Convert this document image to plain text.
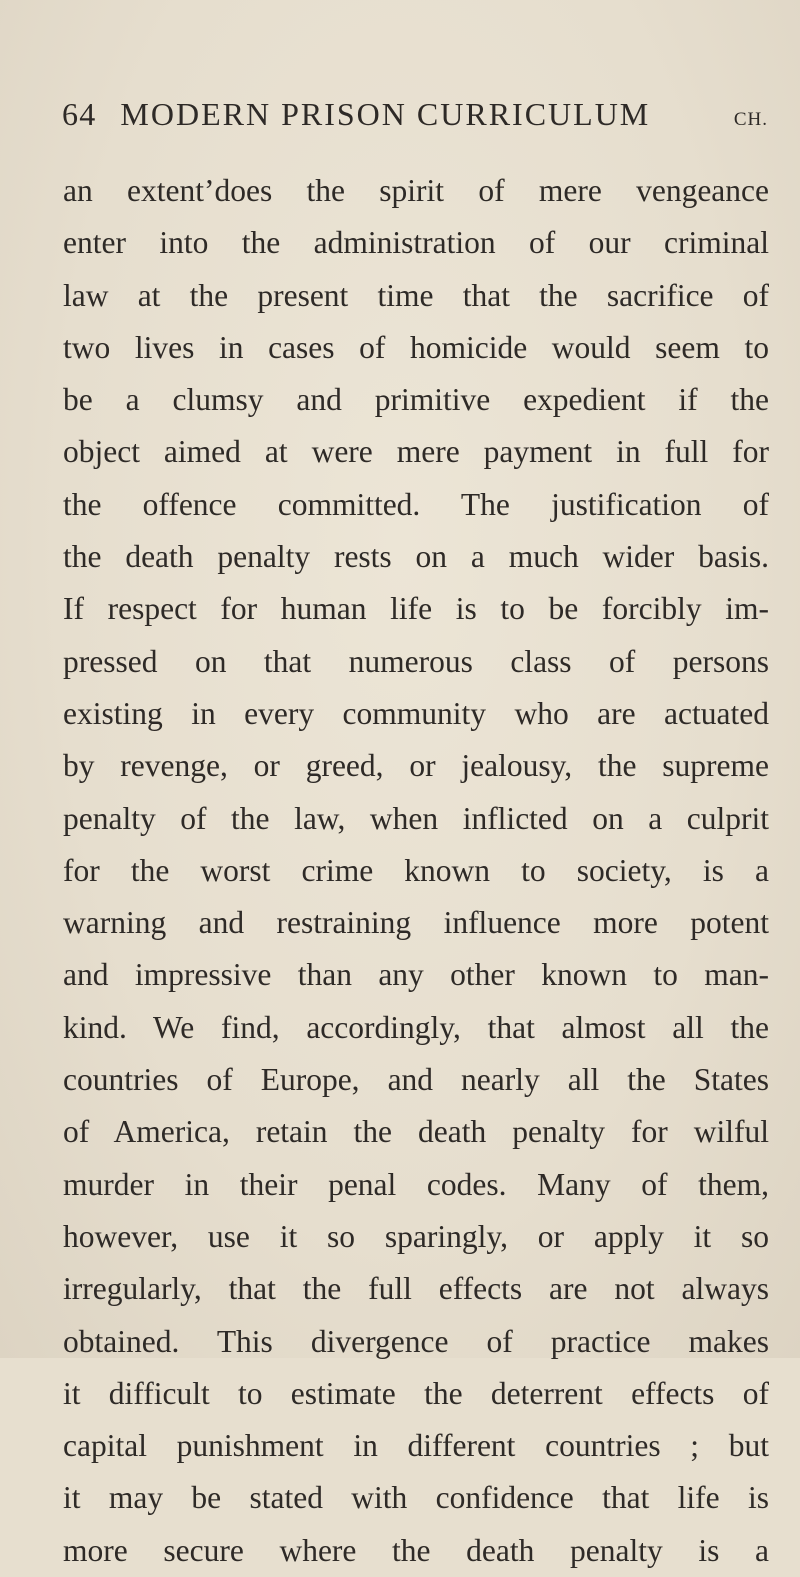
64 MODERN PRISON CURRICULUM	CH.
an extent’does the spirit of mere vengeance
enter into the administration of our criminal
law at the present time that the sacrifice of
two lives in cases of homicide would seem to
be a clumsy and primitive expedient if the
object aimed at were mere payment in full for
the offence committed. The justification of
the death penalty rests on a much wider basis.
If respect for human life is to be forcibly im-
pressed on that numerous class of persons
existing in every community who are actuated
by revenge, or greed, or jealousy, the supreme
penalty of the law, when inflicted on a culprit
for the worst crime known to society, is a
warning and restraining influence more potent
and impressive than any other known to man-
kind. We find, accordingly, that almost all the
countries of Europe, and nearly all the States
of America, retain the death penalty for wilful
murder in their penal codes. Many of them,
however, use it so sparingly, or apply it so
irregularly, that the full effects are not always
obtained. This divergence of practice makes
it difficult to estimate the deterrent effects of
capital punishment in different countries ; but
it may be stated with confidence that life is
more secure where the death penalty is a
